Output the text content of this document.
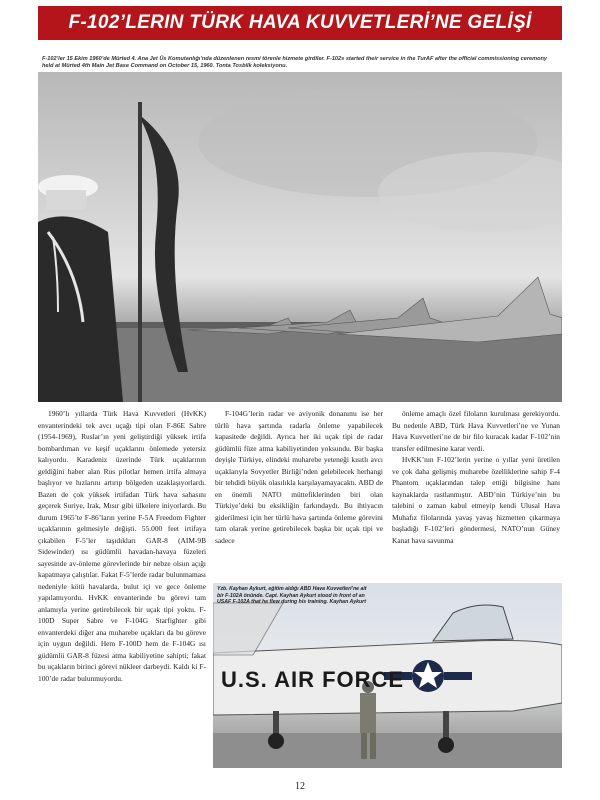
F-102’LERIN TÜRK HAVA KUVVETLERİ’NE GELİŞİ
F-102’ler 15 Ekim 1960’de Mürted 4. Ana Jet Üs Komutanlığı’nda düzenlenen resmi törenle hizmete girdiler. F-102s started their service in the TurAF after the official commissioning ceremony held at Mürted 4th Main Jet Base Command on October 15, 1960. Tonta Tosbilk koleksiyonu.

1960’lı yıllarda Türk Hava Kuvvetleri (HvKK) envanterindeki tek avcı uçağı tipi olan F-86E Sabre (1954-1969), Ruslar’ın yeni geliştirdiği yüksek irtifa bombardıman ve keşif uçaklarını önlemede yetersiz kalıyordu. Karadeniz üzerinde Türk uçaklarının geldiğini haber alan Rus pilotlar hemen irtifa almaya başlıyor ve hızlarını artırıp bölgeden uzaklaşıyorlardı. Bazen de çok yüksek irtifadan Türk hava sahasını geçerek Suriye, Irak, Mısır gibi ülkelere iniyorlardı. Bu durum 1965’te F-86’ların yerine F-5A Freedom Fighter uçaklarının gelmesiyle değişti. 55.000 feet irtifaya çıkabilen F-5’ler taşıdıkları GAR-8 (AIM-9B Sidewinder) ısı güdümlü havadan-havaya füzeleri sayesinde av-önleme görevlerinde bir nebze olsun açığı kapatmaya çalıştılar. Fakat F-5’lerde radar bulunmaması nedeniyle kötü havalarda, bulut içi ve gece önleme yapılamıyordu. HvKK envanterinde bu görevi tam anlamıyla yerine getirebilecek bir uçak tipi yoktu. F-100D Super Sabre ve F-104G Starfighter gibi envanterdeki diğer ana muharebe uçakları da bu göreve için uygun değildi. Hem F-100D hem de F-104G ısı güdümlü GAR-8 füzesi atma kabiliyetine sahipti; fakat bu uçakların birinci görevi nükleer darbeydi. Kaldı ki F-100’de radar bulunmuyordu.

F-104G’lerin radar ve aviyonik donanımı ise her türlü hava şartında radarla önleme yapabilecek kapasitede değildi. Ayrıca her iki uçak tipi de radar güdümlü füze atma kabiliyetinden yoksundu. Bir başka deyişle Türkiye, elindeki muharebe yeteneği kısıtlı avcı uçaklarıyla Sovyetler Birliği’nden gelebilecek herhangi bir tehdidi büyük olasılıkla karşılayamayacaktı. ABD de en önemli NATO müttefiklerinden biri olan Türkiye’deki bu eksikliğin farkındaydı. Bu ihtiyacın giderilmesi için her türlü hava şartında önleme görevini tam olarak yerine getirebilecek başka bir uçak tipi ve sadece

önleme amaçlı özel filoların kurulması gerekiyordu. Bu nedenle ABD, Türk Hava Kuvvetleri’ne ve Yunan Hava Kuvvetleri’ne de bir filo kuracak kadar F-102’nin transfer edilmesine karar verdi.

HvKK’nın F-102’lerin yerine o yıllar yeni üretilen ve çok daha gelişmiş muharebe özelliklerine sahip F-4 Phantom uçaklarından talep ettiği bilgisine hanı kaynaklarda rastlanmıştır. ABD’nin Türkiye’nin bu talebini o zaman kabul etmeyip kendi Ulusal Hava Muhafız filolarında yavaş yavaş hizmetten çıkarmaya başladığı F-102’leri göndermesi, NATO’nun Güney Kanat hava savunma

U.S. AIR FORCE
Yzb. Kayhan Aykurt, eğitim aldığı ABD Hava Kuvvetleri’ne ait bir F-102A önünde. Capt. Kayhan Aykurt stood in front of an USAF F-102A that he flew during his training. Kayhan Aykurt
12
